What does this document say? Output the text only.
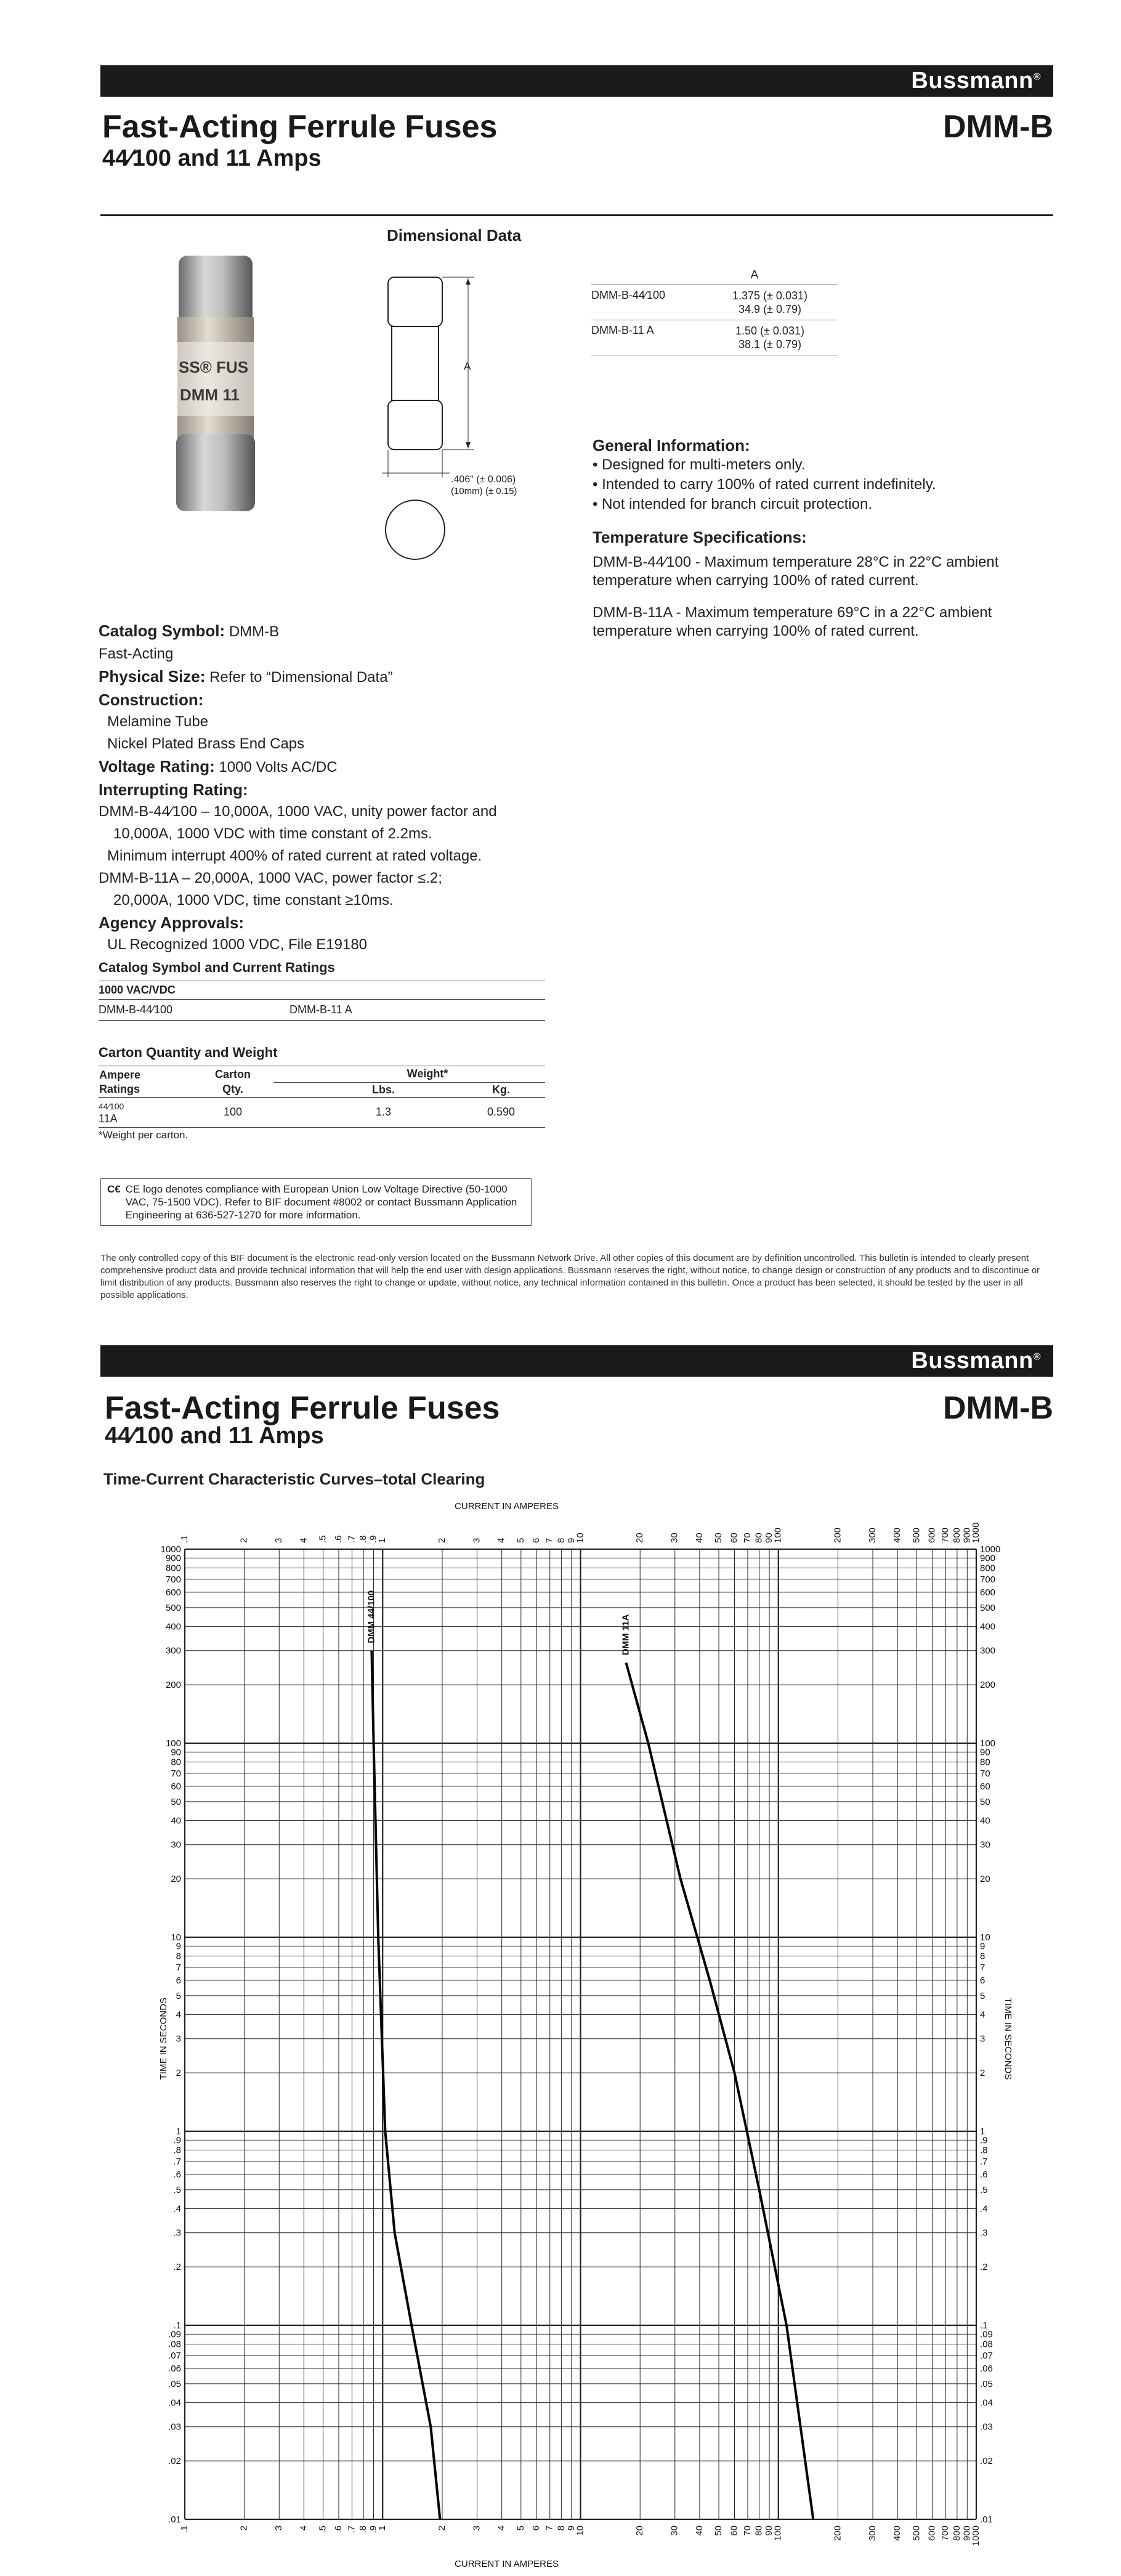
Bussmann®
Fast-Acting Ferrule Fuses
44⁄100 and 11 Amps
DMM-B
SS® FUS
DMM 11
Dimensional Data
A
.406" (± 0.006)
(10mm) (± 0.15)
A
DMM-B-44⁄100	1.375 (± 0.031)
34.9 (± 0.79)
DMM-B-11 A	1.50 (± 0.031)
38.1 (± 0.79)
General Information:
• Designed for multi-meters only.
• Intended to carry 100% of rated current indefinitely.
• Not intended for branch circuit protection.
Temperature Specifications:
DMM-B-44⁄100 - Maximum temperature 28°C in 22°C ambient temperature when carrying 100% of rated current.
DMM-B-11A - Maximum temperature 69°C in a 22°C ambient temperature when carrying 100% of rated current.
Catalog Symbol: DMM-B
Fast-Acting
Physical Size: Refer to “Dimensional Data”
Construction:
Melamine Tube
Nickel Plated Brass End Caps
Voltage Rating: 1000 Volts AC/DC
Interrupting Rating:
DMM-B-44⁄100 – 10,000A, 1000 VAC, unity power factor and
10,000A, 1000 VDC with time constant of 2.2ms.
Minimum interrupt 400% of rated current at rated voltage.
DMM-B-11A – 20,000A, 1000 VAC, power factor ≤.2;
20,000A, 1000 VDC, time constant ≥10ms.
Agency Approvals:
UL Recognized 1000 VDC, File E19180
Catalog Symbol and Current Ratings
1000 VAC/VDC
DMM-B-44⁄100	DMM-B-11 A
Carton Quantity and Weight
Ampere	Carton	Weight*	
Ratings	Qty.	Lbs.	Kg.

44⁄100
11A	100	1.3	0.590
*Weight per carton.
C€ CE logo denotes compliance with European Union Low Voltage Directive (50-1000 VAC, 75-1500 VDC). Refer to BIF document #8002 or contact Bussmann Application Engineering at 636-527-1270 for more information.
The only controlled copy of this BIF document is the electronic read-only version located on the Bussmann Network Drive. All other copies of this document are by definition uncontrolled. This bulletin is intended to clearly present comprehensive product data and provide technical information that will help the end user with design applications. Bussmann reserves the right, without notice, to change design or construction of any products and to discontinue or limit distribution of any products. Bussmann also reserves the right to change or update, without notice, any technical information contained in this bulletin. Once a product has been selected, it should be tested by the user in all possible applications.
Bussmann®
Fast-Acting Ferrule Fuses
44⁄100 and 11 Amps
DMM-B
Time-Current Characteristic Curves–total Clearing
.1
.1
2
2
3
3
4
4
.5
.5
.6
.6
.7
.7
.8
.8
.9
.9
1
1
2
2
3
3
4
4
5
5
6
6
7
7
8
8
9
9
10
10
20
20
30
30
40
40
50
50
60
60
70
70
80
80
90
90
100
100
200
200
300
300
400
400
500
500
600
600
700
700
800
800
900
900
1000
1000
1000	1000
900	900
800	800
700	700
600	600
500	500
400	400
300	300
200	200
100	100
90	90
80	80
70	70
60	60
50	50
40	40
30	30
20	20
10	10
9	9
8	8
7	7
6	6
5	5
4	4
3	3
2	2
1	1
.9	.9
.8	.8
.7	.7
.6	.6
.5	.5
.4	.4
.3	.3
.2	.2
.1	.1
.09	.09
.08	.08
.07	.07
.06	.06
.05	.05
.04	.04
.03	.03
.02	.02
.01	.01
CURRENT IN AMPERES
CURRENT IN AMPERES
TIME IN SECONDS	TIME IN SECONDS
DMM 44/100	DMM 11A
